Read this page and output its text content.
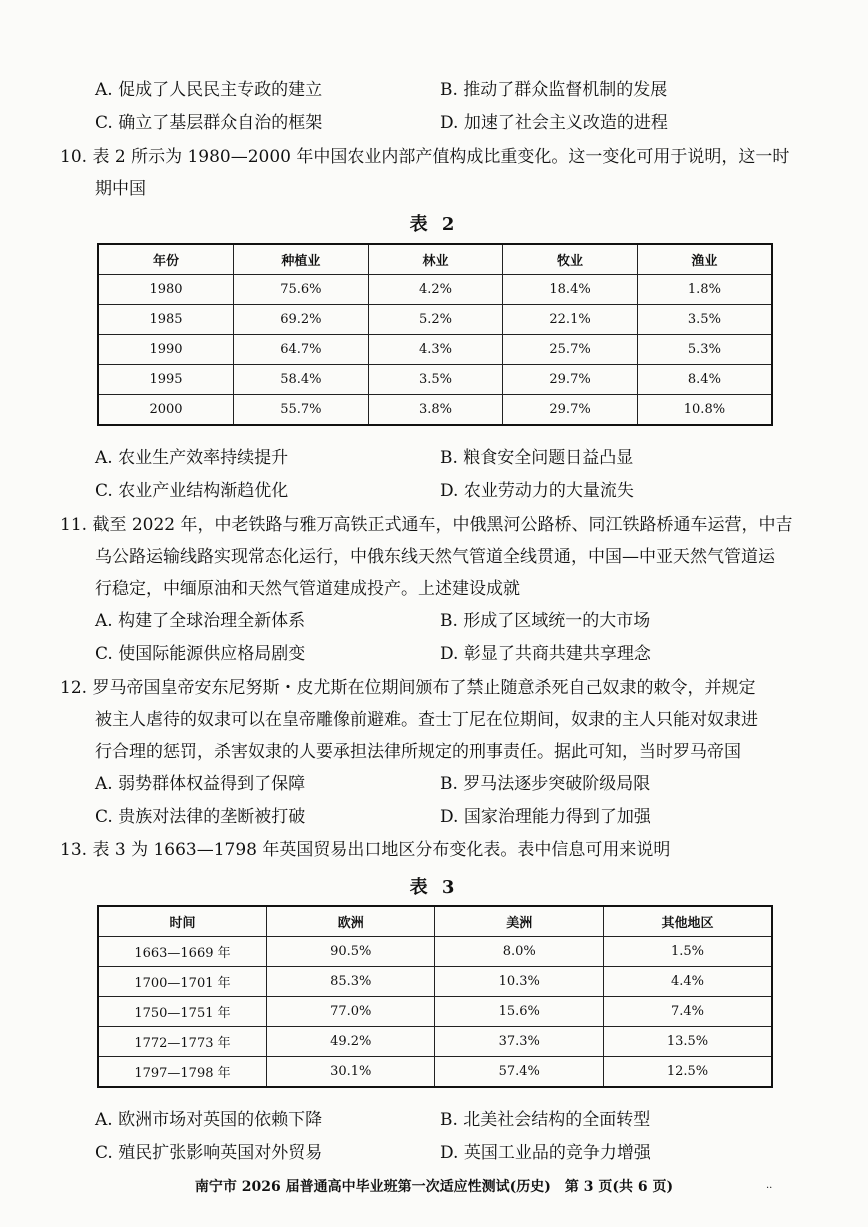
A. 促成了人民民主专政的建立	B. 推动了群众监督机制的发展
C. 确立了基层群众自治的框架	D. 加速了社会主义改造的进程
10. 表 2 所示为 1980—2000 年中国农业内部产值构成比重变化。这一变化可用于说明，这一时
期中国
表 2
年份	种植业	林业	牧业	渔业
1980	75.6%	4.2%	18.4%	1.8%
1985	69.2%	5.2%	22.1%	3.5%
1990	64.7%	4.3%	25.7%	5.3%
1995	58.4%	3.5%	29.7%	8.4%
2000	55.7%	3.8%	29.7%	10.8%
A. 农业生产效率持续提升	B. 粮食安全问题日益凸显
C. 农业产业结构渐趋优化	D. 农业劳动力的大量流失
11. 截至 2022 年，中老铁路与雅万高铁正式通车，中俄黑河公路桥、同江铁路桥通车运营，中吉
乌公路运输线路实现常态化运行，中俄东线天然气管道全线贯通，中国—中亚天然气管道运
行稳定，中缅原油和天然气管道建成投产。上述建设成就
A. 构建了全球治理全新体系	B. 形成了区域统一的大市场
C. 使国际能源供应格局剧变	D. 彰显了共商共建共享理念
12. 罗马帝国皇帝安东尼努斯・皮尤斯在位期间颁布了禁止随意杀死自己奴隶的敕令，并规定
被主人虐待的奴隶可以在皇帝雕像前避难。查士丁尼在位期间，奴隶的主人只能对奴隶进
行合理的惩罚，杀害奴隶的人要承担法律所规定的刑事责任。据此可知，当时罗马帝国
A. 弱势群体权益得到了保障	B. 罗马法逐步突破阶级局限
C. 贵族对法律的垄断被打破	D. 国家治理能力得到了加强
13. 表 3 为 1663—1798 年英国贸易出口地区分布变化表。表中信息可用来说明
表 3
时间	欧洲	美洲	其他地区
1663—1669 年	90.5%	8.0%	1.5%
1700—1701 年	85.3%	10.3%	4.4%
1750—1751 年	77.0%	15.6%	7.4%
1772—1773 年	49.2%	37.3%	13.5%
1797—1798 年	30.1%	57.4%	12.5%
A. 欧洲市场对英国的依赖下降	B. 北美社会结构的全面转型
C. 殖民扩张影响英国对外贸易	D. 英国工业品的竞争力增强
南宁市 2026 届普通高中毕业班第一次适应性测试(历史)　第 3 页(共 6 页)	..
